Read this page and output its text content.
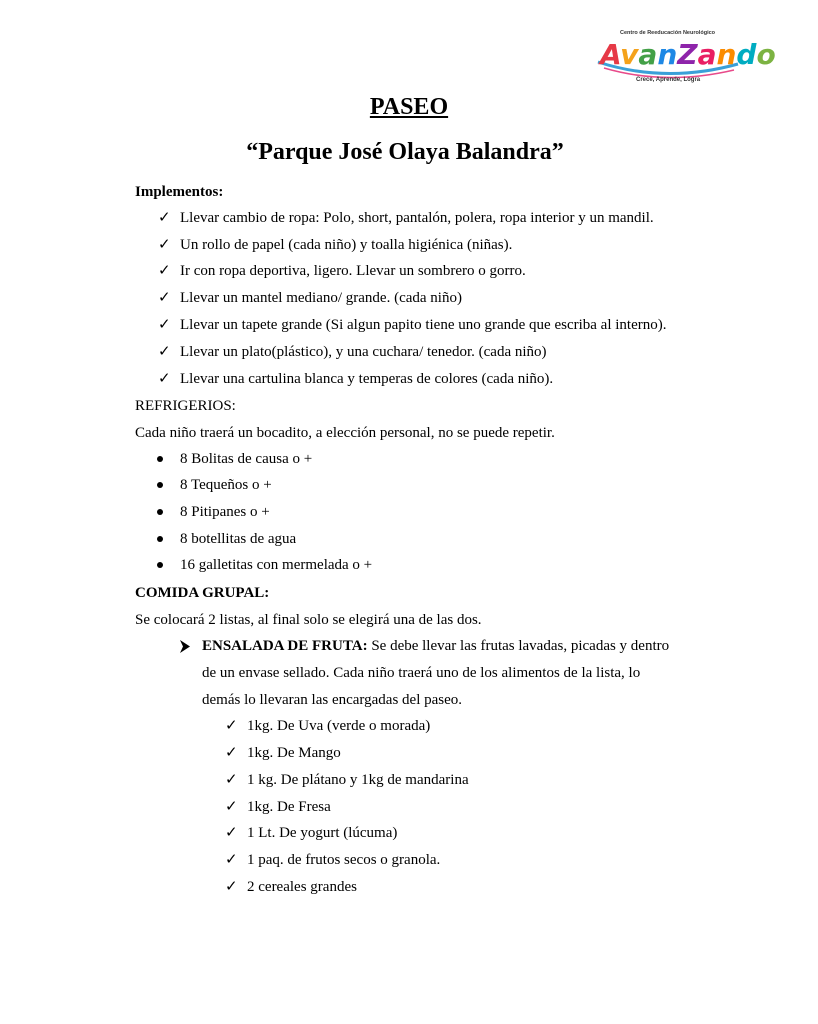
Centro de Reeducación Neurológico
AvanZando
Crece, Aprende, Logra
PASEO
“Parque José Olaya Balandra”
Implementos:
✓ Llevar cambio de ropa: Polo, short, pantalón, polera, ropa interior y un mandil.
✓ Un rollo de papel (cada niño) y toalla higiénica (niñas).
✓ Ir con ropa deportiva, ligero. Llevar un sombrero o gorro.
✓ Llevar un mantel mediano/ grande. (cada niño)
✓ Llevar un tapete grande (Si algun papito tiene uno grande que escriba al interno).
✓ Llevar un plato(plástico), y una cuchara/ tenedor. (cada niño)
✓ Llevar una cartulina blanca y temperas de colores (cada niño).
REFRIGERIOS:
Cada niño traerá un bocadito, a elección personal, no se puede repetir.
8 Bolitas de causa o +
8 Tequeños o +
8 Pitipanes o +
8 botellitas de agua
16 galletitas con mermelada o +
COMIDA GRUPAL:
Se colocará 2 listas, al final solo se elegirá una de las dos.
ENSALADA DE FRUTA: Se debe llevar las frutas lavadas, picadas y dentro
de un envase sellado. Cada niño traerá uno de los alimentos de la lista, lo
demás lo llevaran las encargadas del paseo.
✓ 1kg. De Uva (verde o morada)
✓ 1kg. De Mango
✓ 1 kg. De plátano y 1kg de mandarina
✓ 1kg. De Fresa
✓ 1 Lt. De yogurt (lúcuma)
✓ 1 paq. de frutos secos o granola.
✓ 2 cereales grandes
